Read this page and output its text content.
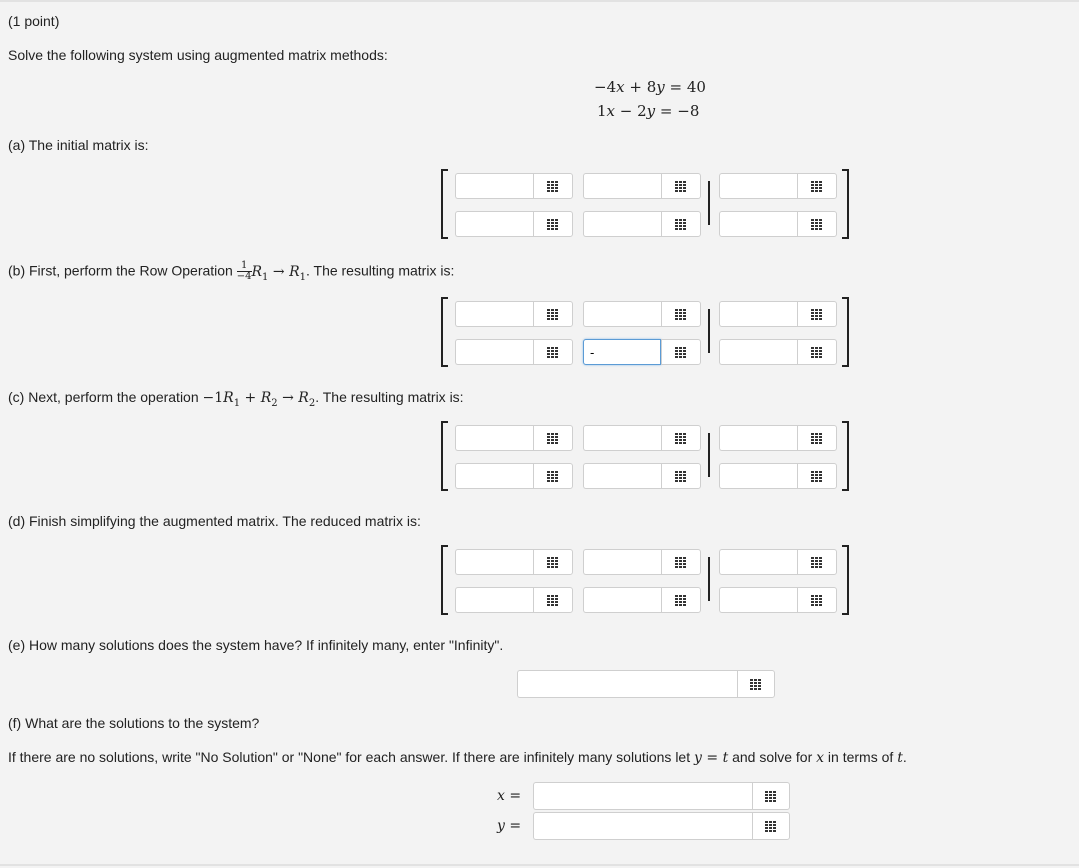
(1 point)
Solve the following system using augmented matrix methods:
−4x + 8y = 40
1x − 2y = −8
(a) The initial matrix is:
(b) First, perform the Row Operation $\frac{1}{-4} R_1 \to R_1$. The resulting matrix is:
(c) Next, perform the operation $-1R_1 + R_2 \to R_2$. The resulting matrix is:
(d) Finish simplifying the augmented matrix. The reduced matrix is:
(e) How many solutions does the system have? If infinitely many, enter "Infinity".
(f) What are the solutions to the system?
If there are no solutions, write "No Solution" or "None" for each answer. If there are infinitely many solutions let y = t and solve for x in terms of t.
-
x =
y =
